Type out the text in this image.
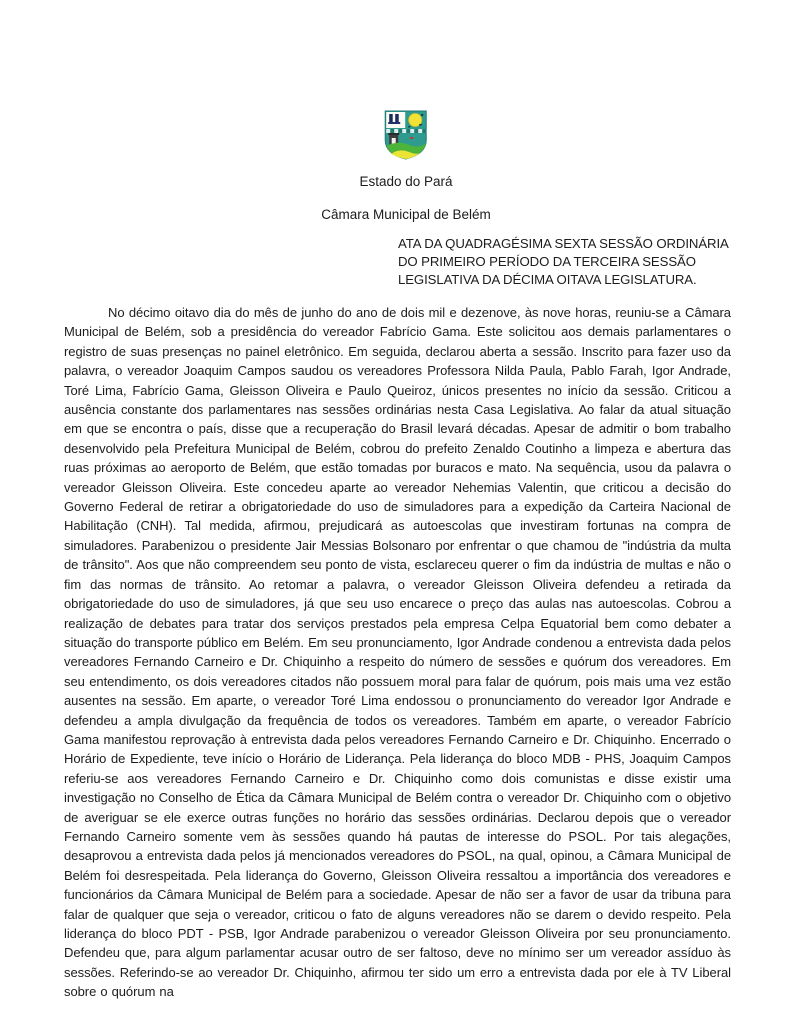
Estado do Pará
Câmara Municipal de Belém
ATA DA QUADRAGÉSIMA SEXTA SESSÃO ORDINÁRIA DO PRIMEIRO PERÍODO DA TERCEIRA SESSÃO LEGISLATIVA DA DÉCIMA OITAVA LEGISLATURA.
No décimo oitavo dia do mês de junho do ano de dois mil e dezenove, às nove horas, reuniu-se a Câmara Municipal de Belém, sob a presidência do vereador Fabrício Gama. Este solicitou aos demais parlamentares o registro de suas presenças no painel eletrônico. Em seguida, declarou aberta a sessão. Inscrito para fazer uso da palavra, o vereador Joaquim Campos saudou os vereadores Professora Nilda Paula, Pablo Farah, Igor Andrade, Toré Lima, Fabrício Gama, Gleisson Oliveira e Paulo Queiroz, únicos presentes no início da sessão. Criticou a ausência constante dos parlamentares nas sessões ordinárias nesta Casa Legislativa. Ao falar da atual situação em que se encontra o país, disse que a recuperação do Brasil levará décadas. Apesar de admitir o bom trabalho desenvolvido pela Prefeitura Municipal de Belém, cobrou do prefeito Zenaldo Coutinho a limpeza e abertura das ruas próximas ao aeroporto de Belém, que estão tomadas por buracos e mato. Na sequência, usou da palavra o vereador Gleisson Oliveira. Este concedeu aparte ao vereador Nehemias Valentin, que criticou a decisão do Governo Federal de retirar a obrigatoriedade do uso de simuladores para a expedição da Carteira Nacional de Habilitação (CNH). Tal medida, afirmou, prejudicará as autoescolas que investiram fortunas na compra de simuladores. Parabenizou o presidente Jair Messias Bolsonaro por enfrentar o que chamou de "indústria da multa de trânsito". Aos que não compreendem seu ponto de vista, esclareceu querer o fim da indústria de multas e não o fim das normas de trânsito. Ao retomar a palavra, o vereador Gleisson Oliveira defendeu a retirada da obrigatoriedade do uso de simuladores, já que seu uso encarece o preço das aulas nas autoescolas. Cobrou a realização de debates para tratar dos serviços prestados pela empresa Celpa Equatorial bem como debater a situação do transporte público em Belém. Em seu pronunciamento, Igor Andrade condenou a entrevista dada pelos vereadores Fernando Carneiro e Dr. Chiquinho a respeito do número de sessões e quórum dos vereadores. Em seu entendimento, os dois vereadores citados não possuem moral para falar de quórum, pois mais uma vez estão ausentes na sessão. Em aparte, o vereador Toré Lima endossou o pronunciamento do vereador Igor Andrade e defendeu a ampla divulgação da frequência de todos os vereadores. Também em aparte, o vereador Fabrício Gama manifestou reprovação à entrevista dada pelos vereadores Fernando Carneiro e Dr. Chiquinho. Encerrado o Horário de Expediente, teve início o Horário de Liderança. Pela liderança do bloco MDB - PHS, Joaquim Campos referiu-se aos vereadores Fernando Carneiro e Dr. Chiquinho como dois comunistas e disse existir uma investigação no Conselho de Ética da Câmara Municipal de Belém contra o vereador Dr. Chiquinho com o objetivo de averiguar se ele exerce outras funções no horário das sessões ordinárias. Declarou depois que o vereador Fernando Carneiro somente vem às sessões quando há pautas de interesse do PSOL. Por tais alegações, desaprovou a entrevista dada pelos já mencionados vereadores do PSOL, na qual, opinou, a Câmara Municipal de Belém foi desrespeitada. Pela liderança do Governo, Gleisson Oliveira ressaltou a importância dos vereadores e funcionários da Câmara Municipal de Belém para a sociedade. Apesar de não ser a favor de usar da tribuna para falar de qualquer que seja o vereador, criticou o fato de alguns vereadores não se darem o devido respeito. Pela liderança do bloco PDT - PSB, Igor Andrade parabenizou o vereador Gleisson Oliveira por seu pronunciamento. Defendeu que, para algum parlamentar acusar outro de ser faltoso, deve no mínimo ser um vereador assíduo às sessões. Referindo-se ao vereador Dr. Chiquinho, afirmou ter sido um erro a entrevista dada por ele à TV Liberal sobre o quórum na
